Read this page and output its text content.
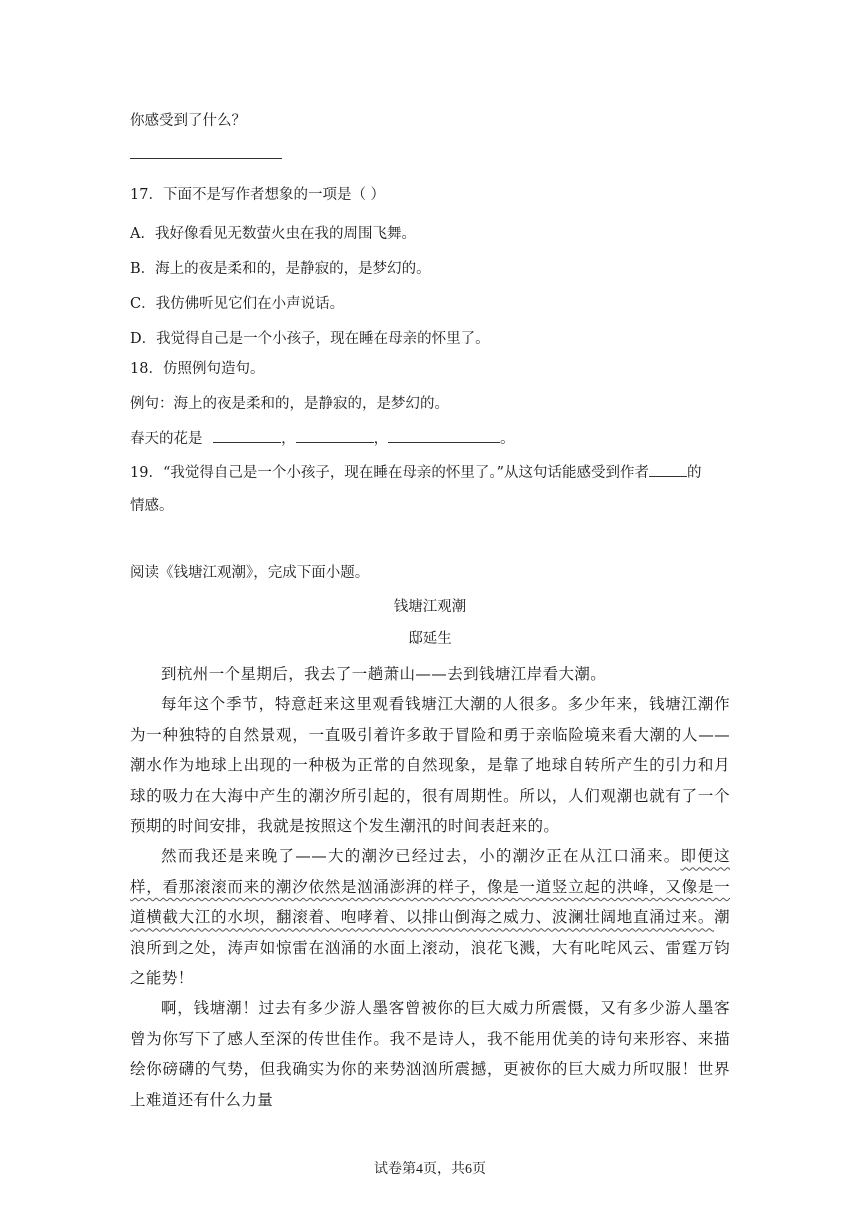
你感受到了什么？
17．下面不是写作者想象的一项是（ ）
A．我好像看见无数萤火虫在我的周围飞舞。
B．海上的夜是柔和的，是静寂的，是梦幻的。
C．我仿佛听见它们在小声说话。
D．我觉得自己是一个小孩子，现在睡在母亲的怀里了。
18．仿照例句造句。
例句：海上的夜是柔和的，是静寂的，是梦幻的。
春天的花是	，	，	。
19．“我觉得自己是一个小孩子，现在睡在母亲的怀里了。”从这句话能感受到作者	的
情感。
阅读《钱塘江观潮》，完成下面小题。
钱塘江观潮
邸延生
到杭州一个星期后，我去了一趟萧山——去到钱塘江岸看大潮。
每年这个季节，特意赶来这里观看钱塘江大潮的人很多。多少年来，钱塘江潮作为一种独特的自然景观，一直吸引着许多敢于冒险和勇于亲临险境来看大潮的人——潮水作为地球上出现的一种极为正常的自然现象，是靠了地球自转所产生的引力和月球的吸力在大海中产生的潮汐所引起的，很有周期性。所以，人们观潮也就有了一个预期的时间安排，我就是按照这个发生潮汛的时间表赶来的。
然而我还是来晚了——大的潮汐已经过去，小的潮汐正在从江口涌来。即便这样，看那滚滚而来的潮汐依然是汹涌澎湃的样子，像是一道竖立起的洪峰，又像是一道横截大江的水坝，翻滚着、咆哮着、以排山倒海之威力、波澜壮阔地直涌过来。潮浪所到之处，涛声如惊雷在汹涌的水面上滚动，浪花飞溅，大有叱咤风云、雷霆万钧之能势！
啊，钱塘潮！过去有多少游人墨客曾被你的巨大威力所震慑，又有多少游人墨客曾为你写下了感人至深的传世佳作。我不是诗人，我不能用优美的诗句来形容、来描绘你磅礴的气势，但我确实为你的来势汹汹所震撼，更被你的巨大威力所叹服！世界上难道还有什么力量
试卷第4页，共6页
